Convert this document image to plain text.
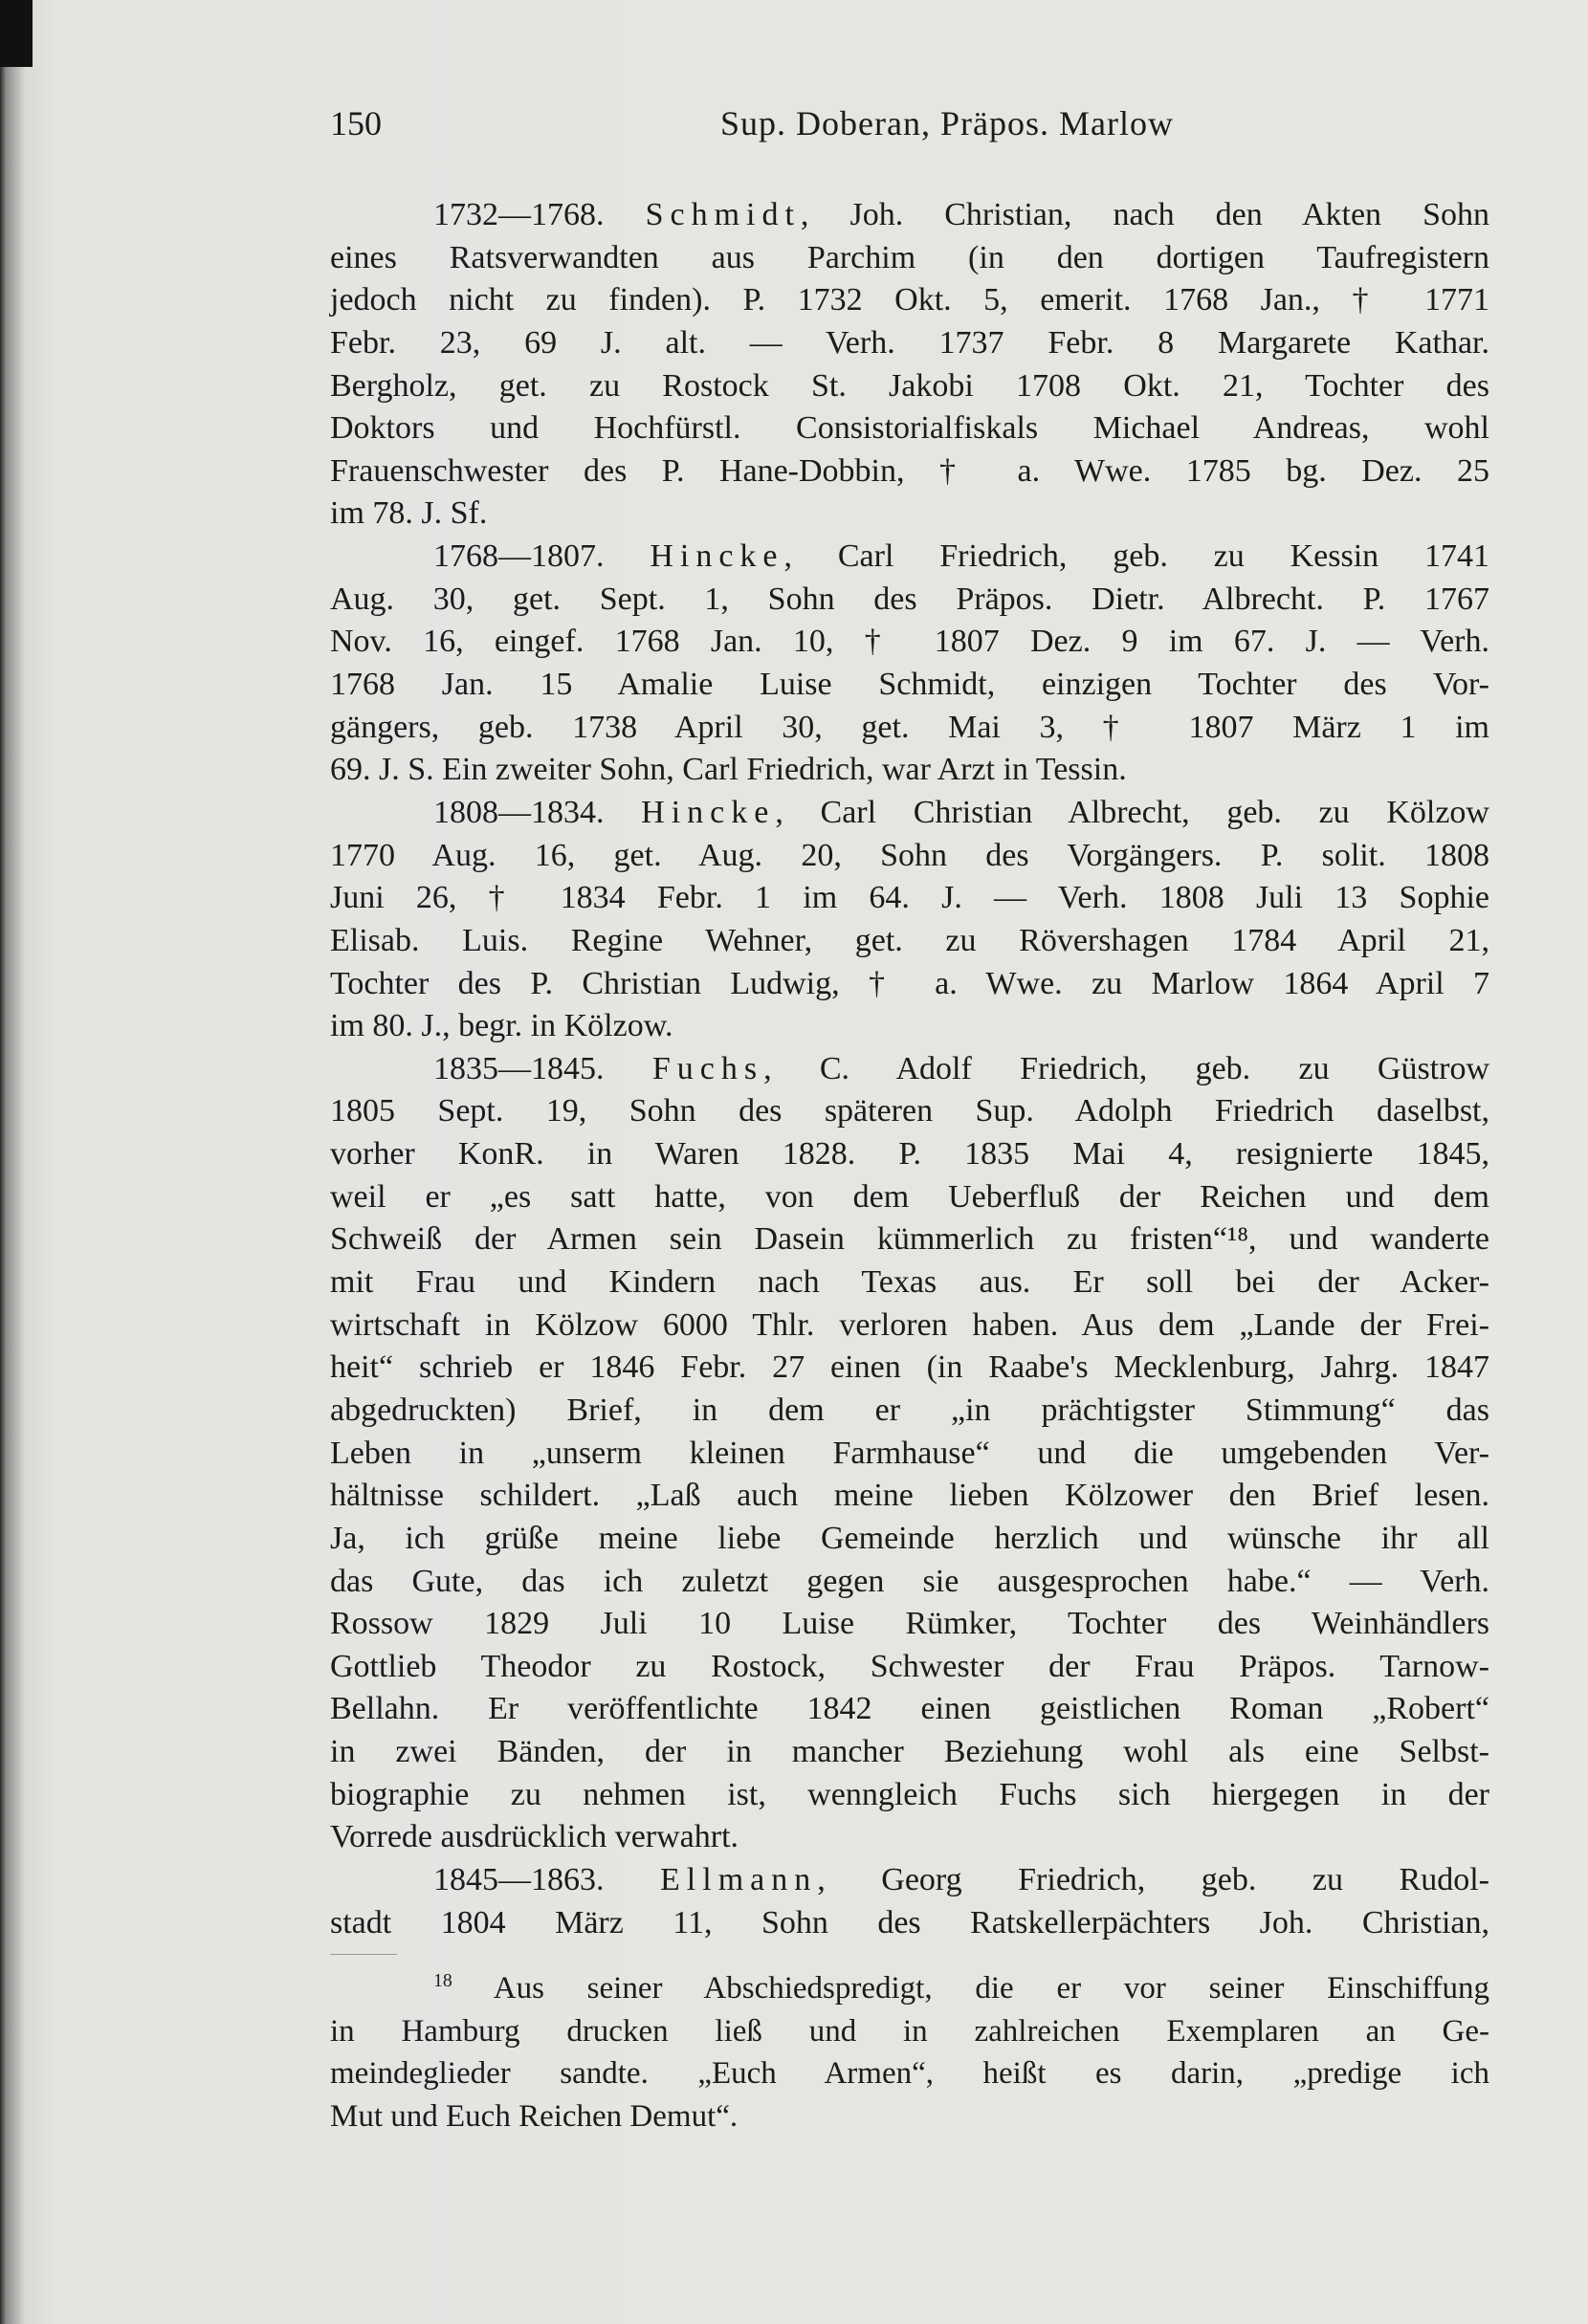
150	Sup. Doberan, Präpos. Marlow
1732—1768. Schmidt, Joh. Christian, nach den Akten Sohn
eines Ratsverwandten aus Parchim (in den dortigen Taufregistern
jedoch nicht zu finden). P. 1732 Okt. 5, emerit. 1768 Jan., † 1771
Febr. 23, 69 J. alt. — Verh. 1737 Febr. 8 Margarete Kathar.
Bergholz, get. zu Rostock St. Jakobi 1708 Okt. 21, Tochter des
Doktors und Hochfürstl. Consistorialfiskals Michael Andreas, wohl
Frauenschwester des P. Hane-Dobbin, † a. Wwe. 1785 bg. Dez. 25
im 78. J. Sf.
1768—1807. Hincke, Carl Friedrich, geb. zu Kessin 1741
Aug. 30, get. Sept. 1, Sohn des Präpos. Dietr. Albrecht. P. 1767
Nov. 16, eingef. 1768 Jan. 10, † 1807 Dez. 9 im 67. J. — Verh.
1768 Jan. 15 Amalie Luise Schmidt, einzigen Tochter des Vor-
gängers, geb. 1738 April 30, get. Mai 3, † 1807 März 1 im
69. J. S. Ein zweiter Sohn, Carl Friedrich, war Arzt in Tessin.
1808—1834. Hincke, Carl Christian Albrecht, geb. zu Kölzow
1770 Aug. 16, get. Aug. 20, Sohn des Vorgängers. P. solit. 1808
Juni 26, † 1834 Febr. 1 im 64. J. — Verh. 1808 Juli 13 Sophie
Elisab. Luis. Regine Wehner, get. zu Rövershagen 1784 April 21,
Tochter des P. Christian Ludwig, † a. Wwe. zu Marlow 1864 April 7
im 80. J., begr. in Kölzow.
1835—1845. Fuchs, C. Adolf Friedrich, geb. zu Güstrow
1805 Sept. 19, Sohn des späteren Sup. Adolph Friedrich daselbst,
vorher KonR. in Waren 1828. P. 1835 Mai 4, resignierte 1845,
weil er „es satt hatte, von dem Ueberfluß der Reichen und dem
Schweiß der Armen sein Dasein kümmerlich zu fristen“¹⁸, und wanderte
mit Frau und Kindern nach Texas aus. Er soll bei der Acker-
wirtschaft in Kölzow 6000 Thlr. verloren haben. Aus dem „Lande der Frei-
heit“ schrieb er 1846 Febr. 27 einen (in Raabe's Mecklenburg, Jahrg. 1847
abgedruckten) Brief, in dem er „in prächtigster Stimmung“ das
Leben in „unserm kleinen Farmhause“ und die umgebenden Ver-
hältnisse schildert. „Laß auch meine lieben Kölzower den Brief lesen.
Ja, ich grüße meine liebe Gemeinde herzlich und wünsche ihr all
das Gute, das ich zuletzt gegen sie ausgesprochen habe.“ — Verh.
Rossow 1829 Juli 10 Luise Rümker, Tochter des Weinhändlers
Gottlieb Theodor zu Rostock, Schwester der Frau Präpos. Tarnow-
Bellahn. Er veröffentlichte 1842 einen geistlichen Roman „Robert“
in zwei Bänden, der in mancher Beziehung wohl als eine Selbst-
biographie zu nehmen ist, wenngleich Fuchs sich hiergegen in der
Vorrede ausdrücklich verwahrt.
1845—1863. Ellmann, Georg Friedrich, geb. zu Rudol-
stadt 1804 März 11, Sohn des Ratskellerpächters Joh. Christian,
$^{18}$ Aus seiner Abschiedspredigt, die er vor seiner Einschiffung
in Hamburg drucken ließ und in zahlreichen Exemplaren an Ge-
meindeglieder sandte. „Euch Armen“, heißt es darin, „predige ich
Mut und Euch Reichen Demut“.
